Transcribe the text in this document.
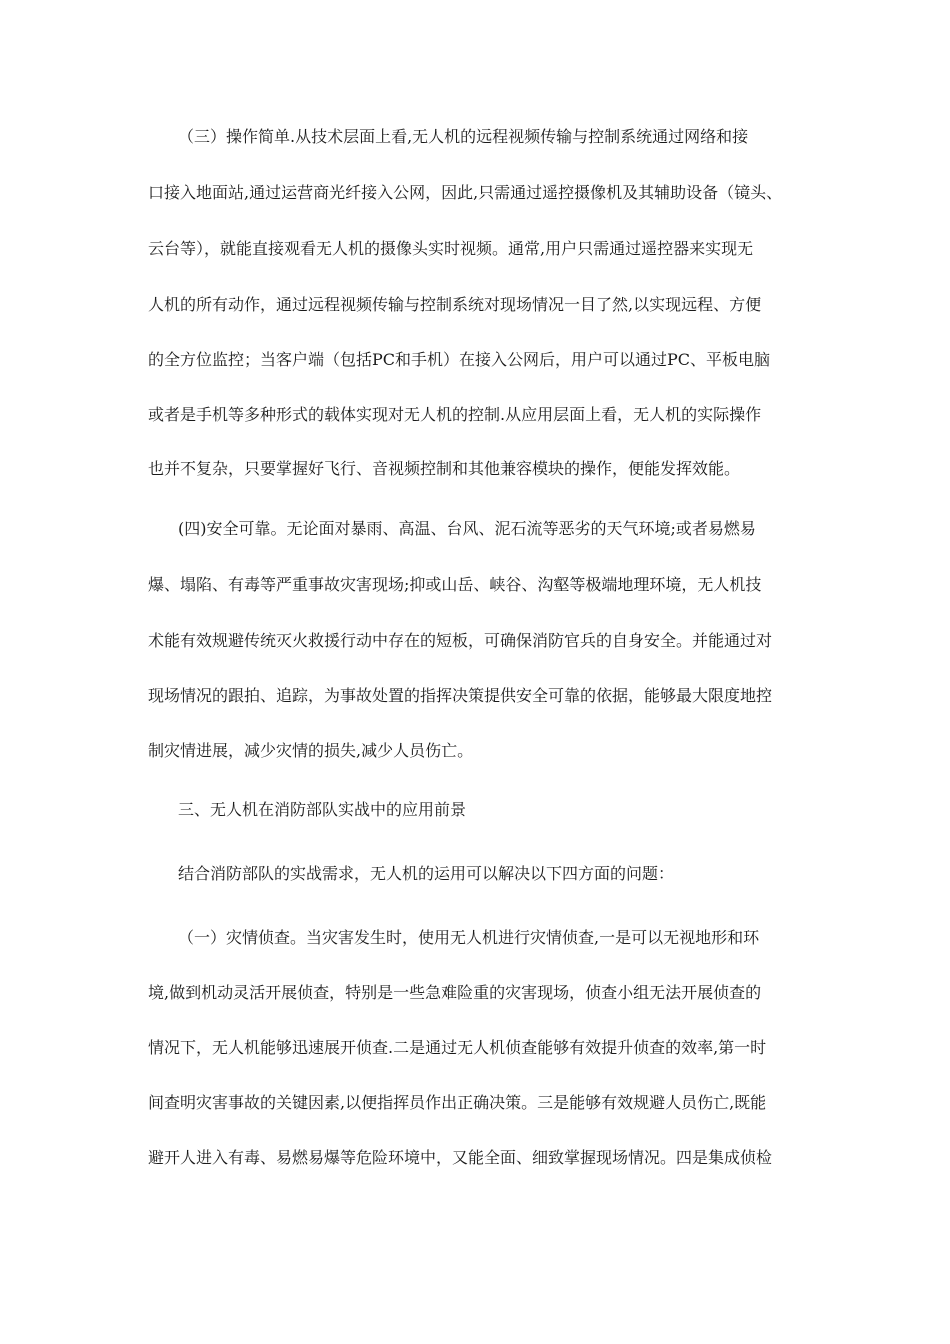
（三）操作简单.从技术层面上看,无人机的远程视频传输与控制系统通过网络和接
口接入地面站,通过运营商光纤接入公网，因此,只需通过遥控摄像机及其辅助设备（镜头、
云台等），就能直接观看无人机的摄像头实时视频。通常,用户只需通过遥控器来实现无
人机的所有动作，通过远程视频传输与控制系统对现场情况一目了然,以实现远程、方便
的全方位监控；当客户端（包括PC和手机）在接入公网后，用户可以通过PC、平板电脑
或者是手机等多种形式的载体实现对无人机的控制.从应用层面上看，无人机的实际操作
也并不复杂，只要掌握好飞行、音视频控制和其他兼容模块的操作，便能发挥效能。
(四)安全可靠。无论面对暴雨、高温、台风、泥石流等恶劣的天气环境;或者易燃易
爆、塌陷、有毒等严重事故灾害现场;抑或山岳、峡谷、沟壑等极端地理环境，无人机技
术能有效规避传统灭火救援行动中存在的短板，可确保消防官兵的自身安全。并能通过对
现场情况的跟拍、追踪，为事故处置的指挥决策提供安全可靠的依据，能够最大限度地控
制灾情进展，减少灾情的损失,减少人员伤亡。
三、无人机在消防部队实战中的应用前景
结合消防部队的实战需求，无人机的运用可以解决以下四方面的问题：
（一）灾情侦查。当灾害发生时，使用无人机进行灾情侦查,一是可以无视地形和环
境,做到机动灵活开展侦查，特别是一些急难险重的灾害现场，侦查小组无法开展侦查的
情况下，无人机能够迅速展开侦查.二是通过无人机侦查能够有效提升侦查的效率,第一时
间查明灾害事故的关键因素,以便指挥员作出正确决策。三是能够有效规避人员伤亡,既能
避开人进入有毒、易燃易爆等危险环境中，又能全面、细致掌握现场情况。四是集成侦检
